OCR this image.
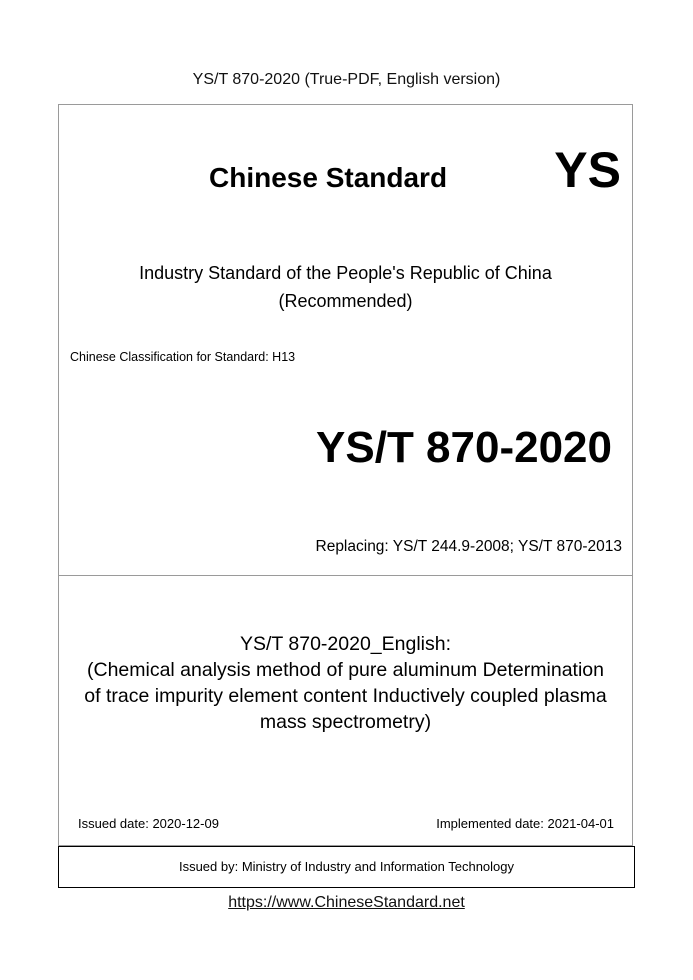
YS/T 870-2020 (True-PDF, English version)
Chinese Standard YS
Industry Standard of the People's Republic of China
(Recommended)
Chinese Classification for Standard: H13
YS/T 870-2020
Replacing: YS/T 244.9-2008; YS/T 870-2013
YS/T 870-2020_English:
(Chemical analysis method of pure aluminum Determination
of trace impurity element content Inductively coupled plasma
mass spectrometry)
Issued date: 2020-12-09	Implemented date: 2021-04-01
Issued by: Ministry of Industry and Information Technology
https://www.ChineseStandard.net
